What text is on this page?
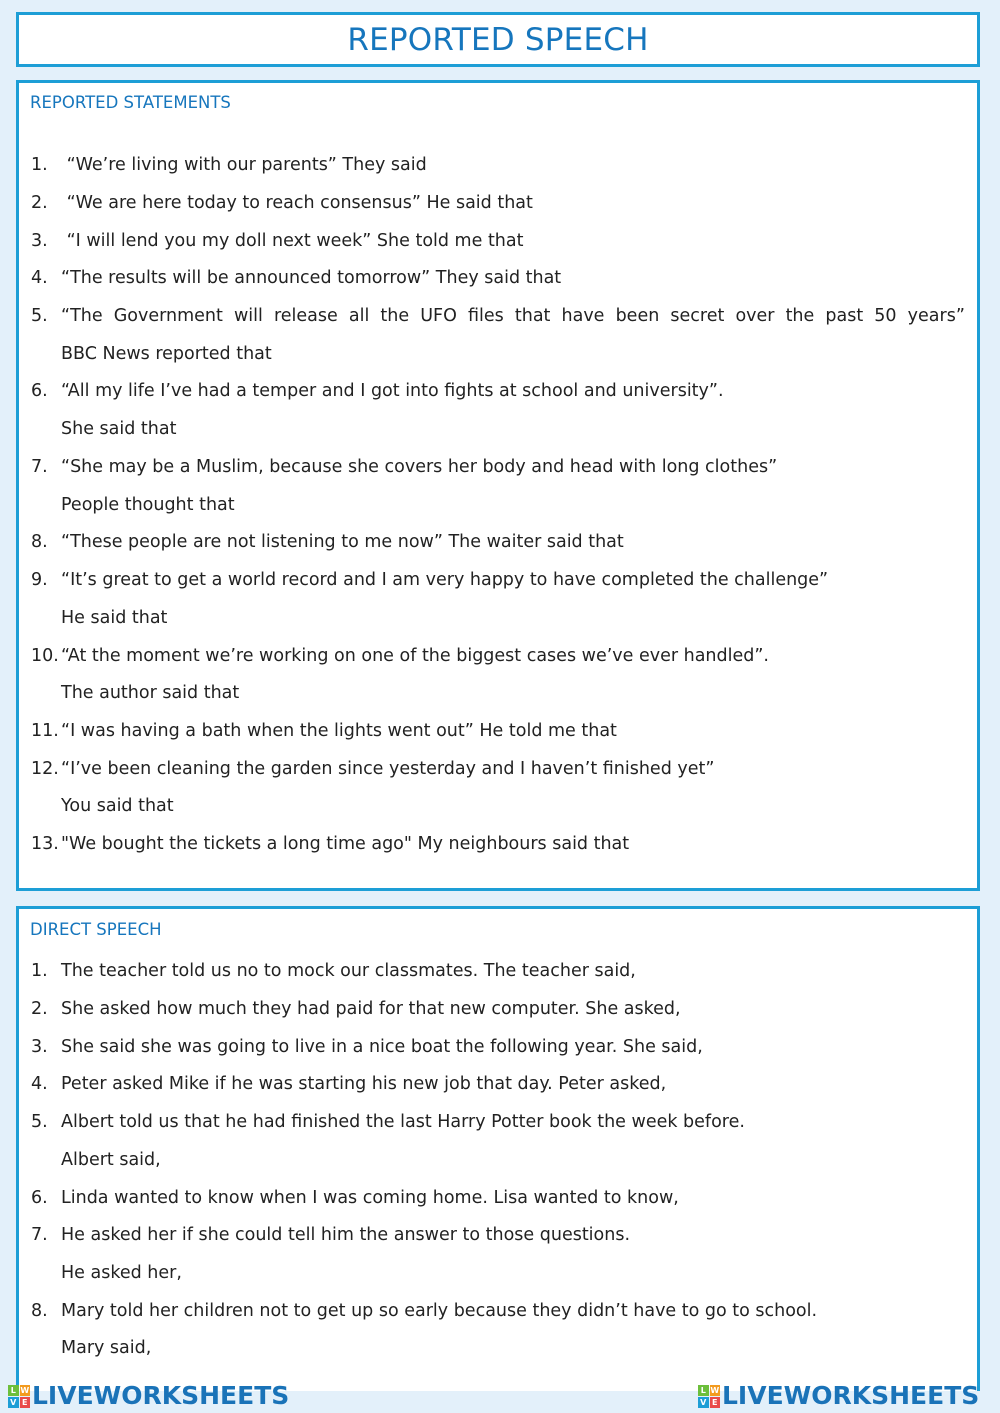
REPORTED SPEECH
REPORTED STATEMENTS
1. “We’re living with our parents” They said
2. “We are here today to reach consensus” He said that
3. “I will lend you my doll next week” She told me that
4. “The results will be announced tomorrow” They said that
5. “The Government will release all the UFO files that have been secret over the past 50 years”
BBC News reported that
6. “All my life I’ve had a temper and I got into fights at school and university”.
She said that
7. “She may be a Muslim, because she covers her body and head with long clothes”
People thought that
8. “These people are not listening to me now” The waiter said that
9. “It’s great to get a world record and I am very happy to have completed the challenge”
He said that
10. “At the moment we’re working on one of the biggest cases we’ve ever handled”.
The author said that
11. “I was having a bath when the lights went out” He told me that
12. “I’ve been cleaning the garden since yesterday and I haven’t finished yet”
You said that
13. "We bought the tickets a long time ago" My neighbours said that
DIRECT SPEECH
1. The teacher told us no to mock our classmates. The teacher said,
2. She asked how much they had paid for that new computer. She asked,
3. She said she was going to live in a nice boat the following year. She said,
4. Peter asked Mike if he was starting his new job that day. Peter asked,
5. Albert told us that he had finished the last Harry Potter book the week before.
Albert said,
6. Linda wanted to know when I was coming home. Lisa wanted to know,
7. He asked her if she could tell him the answer to those questions.
He asked her,
8. Mary told her children not to get up so early because they didn’t have to go to school.
Mary said,
L W
V E LIVEWORKSHEETS	L W
V E LIVEWORKSHEETS
